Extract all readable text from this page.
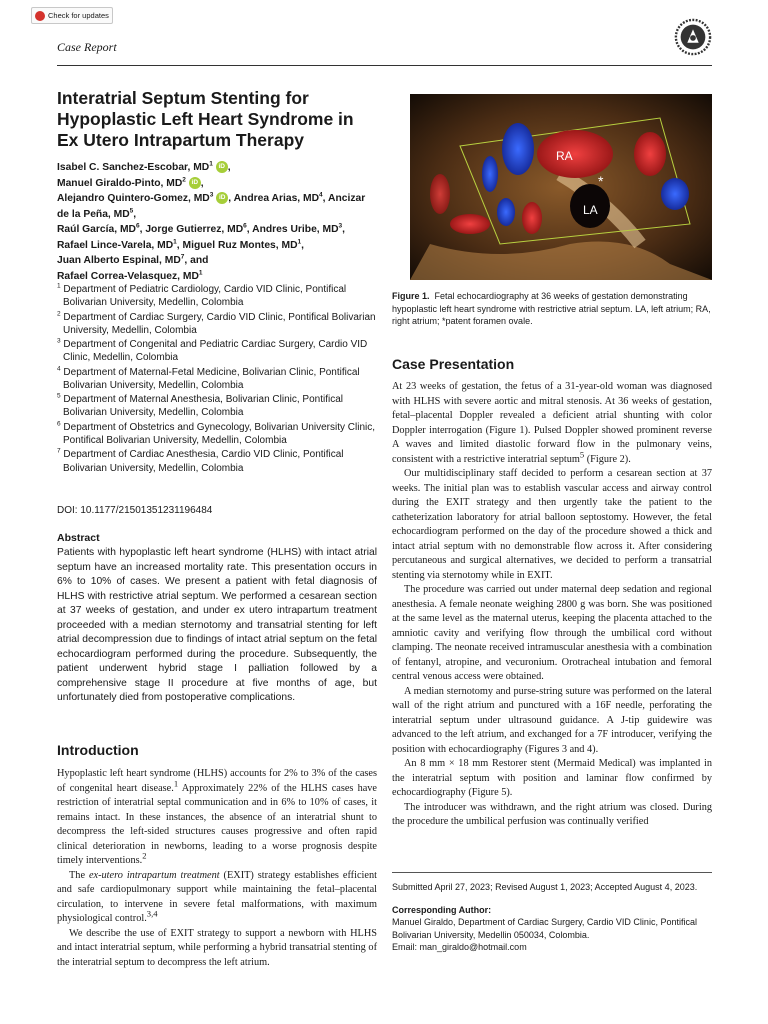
Check for updates
Case Report
Interatrial Septum Stenting for Hypoplastic Left Heart Syndrome in Ex Utero Intrapartum Therapy
Isabel C. Sanchez-Escobar, $MD^1$ iD ,
Manuel Giraldo-Pinto, $MD^2$ iD ,
Alejandro Quintero-Gomez, $MD^3$ iD , Andrea Arias, $MD^4$, Ancizar de la Peña, $MD^5$,
Raúl García, $MD^6$, Jorge Gutierrez, $MD^6$, Andres Uribe, $MD^3$,
Rafael Lince-Varela, $MD^1$, Miguel Ruz Montes, $MD^1$,
Juan Alberto Espinal, $MD^7$, and
Rafael Correa-Velasquez, $MD^1$
$^1$ Department of Pediatric Cardiology, Cardio VID Clinic, Pontifical Bolivarian University, Medellin, Colombia
$^2$ Department of Cardiac Surgery, Cardio VID Clinic, Pontifical Bolivarian University, Medellin, Colombia
$^3$ Department of Congenital and Pediatric Cardiac Surgery, Cardio VID Clinic, Medellin, Colombia
$^4$ Department of Maternal-Fetal Medicine, Bolivarian Clinic, Pontifical Bolivarian University, Medellin, Colombia
$^5$ Department of Maternal Anesthesia, Bolivarian Clinic, Pontifical Bolivarian University, Medellin, Colombia
$^6$ Department of Obstetrics and Gynecology, Bolivarian University Clinic, Pontifical Bolivarian University, Medellin, Colombia
$^7$ Department of Cardiac Anesthesia, Cardio VID Clinic, Pontifical Bolivarian University, Medellin, Colombia
DOI: 10.1177/21501351231196484
Abstract
Patients with hypoplastic left heart syndrome (HLHS) with intact atrial septum have an increased mortality rate. This presentation occurs in 6% to 10% of cases. We present a patient with fetal diagnosis of HLHS with restrictive atrial septum. We performed a cesarean section at 37 weeks of gestation, and under ex utero intrapartum treatment proceeded with a median sternotomy and transatrial stenting for left atrial decompression due to findings of intact atrial septum on the fetal echocardiogram performed during the procedure. Subsequently, the patient underwent hybrid stage I palliation followed by a comprehensive stage II procedure at five months of age, but unfortunately died from postoperative complications.
Introduction

Hypoplastic left heart syndrome (HLHS) accounts for 2% to 3% of the cases of congenital heart disease.$^1$ Approximately 22% of the HLHS cases have restriction of interatrial septal communication and in 6% to 10% of cases, it remains intact. In these instances, the absence of an interatrial shunt to decompress the left-sided structures causes progressive and often rapid clinical deterioration in newborns, leading to a worse prognosis despite timely interventions.$^2$

The ex-utero intrapartum treatment (EXIT) strategy establishes efficient and safe cardiopulmonary support while maintaining the fetal–placental circulation, to intervene in severe fetal malformations, with maximum physiological control.$^{3,4}$

We describe the use of EXIT strategy to support a newborn with HLHS and intact interatrial septum, while performing a hybrid transatrial stenting of the interatrial septum to decompress the left atrium.

RA
LA
*
Figure 1. Fetal echocardiography at 36 weeks of gestation demonstrating hypoplastic left heart syndrome with restrictive atrial septum. LA, left atrium; RA, right atrium; *patent foramen ovale.
Case Presentation

At 23 weeks of gestation, the fetus of a 31-year-old woman was diagnosed with HLHS with severe aortic and mitral stenosis. At 36 weeks of gestation, fetal–placental Doppler revealed a deficient atrial shunting with color Doppler interrogation (Figure 1). Pulsed Doppler showed prominent reverse A waves and limited diastolic forward flow in the pulmonary veins, consistent with a restrictive interatrial septum$^5$ (Figure 2).

Our multidisciplinary staff decided to perform a cesarean section at 37 weeks. The initial plan was to establish vascular access and airway control during the EXIT strategy and then urgently take the patient to the catheterization laboratory for atrial balloon septostomy. However, the fetal echocardiogram performed on the day of the procedure showed a thick and intact atrial septum with no demonstrable flow across it. After considering percutaneous and surgical alternatives, we decided to perform a transatrial stenting via sternotomy while in EXIT.

The procedure was carried out under maternal deep sedation and regional anesthesia. A female neonate weighing 2800 g was born. She was positioned at the same level as the maternal uterus, keeping the placenta attached to the amniotic cavity and verifying flow through the umbilical cord without clamping. The neonate received intramuscular anesthesia with a combination of fentanyl, atropine, and vecuronium. Orotracheal intubation and femoral central venous access were obtained.

A median sternotomy and purse-string suture was performed on the lateral wall of the right atrium and punctured with a 16F needle, perforating the interatrial septum under ultrasound guidance. A J-tip guidewire was advanced to the left atrium, and exchanged for a 7F introducer, verifying the position with echocardiography (Figures 3 and 4).

An 8 mm × 18 mm Restorer stent (Mermaid Medical) was implanted in the interatrial septum with position and laminar flow confirmed by echocardiography (Figure 5).

The introducer was withdrawn, and the right atrium was closed. During the procedure the umbilical perfusion was continually verified

Submitted April 27, 2023; Revised August 1, 2023; Accepted August 4, 2023.
Corresponding Author:
Manuel Giraldo, Department of Cardiac Surgery, Cardio VID Clinic, Pontifical Bolivarian University, Medellin 050034, Colombia.
Email: man_giraldo@hotmail.com
